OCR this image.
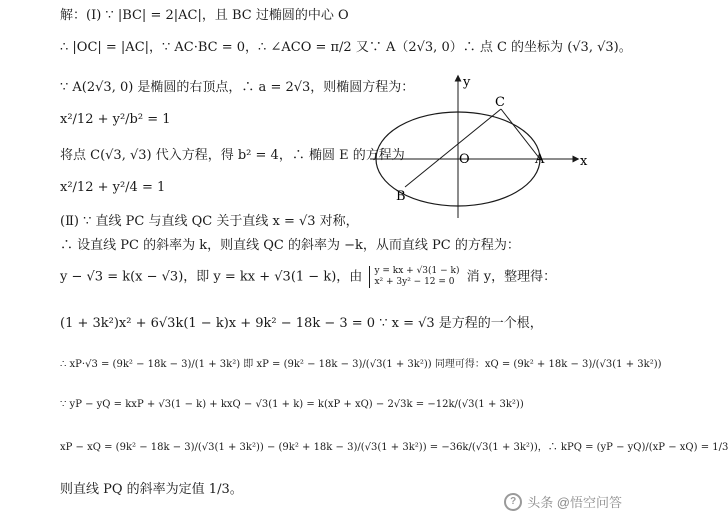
解：(Ⅰ) ∵ |BC| = 2|AC|，且 BC 过椭圆的中心 O
∴ |OC| = |AC|，∵ AC·BC = 0，∴ ∠ACO = π/2 又∵ A（2√3, 0）∴ 点 C 的坐标为 (√3, √3)。
∵ A(2√3, 0) 是椭圆的右顶点，∴ a = 2√3，则椭圆方程为：
x²/12 + y²/b² = 1
将点 C(√3, √3) 代入方程，得 b² = 4，∴ 椭圆 E 的方程为
x²/12 + y²/4 = 1
(Ⅱ) ∵ 直线 PC 与直线 QC 关于直线 x = √3 对称，
∴ 设直线 PC 的斜率为 k，则直线 QC 的斜率为 −k，从而直线 PC 的方程为：
y − √3 = k(x − √3)，即 y = kx + √3(1 − k)，由 y = kx + √3(1 − k)
x² + 3y² − 12 = 0 消 y，整理得：
(1 + 3k²)x² + 6√3k(1 − k)x + 9k² − 18k − 3 = 0 ∵ x = √3 是方程的一个根，
∴ xP·√3 = (9k² − 18k − 3)/(1 + 3k²) 即 xP = (9k² − 18k − 3)/(√3(1 + 3k²)) 同理可得：xQ = (9k² + 18k − 3)/(√3(1 + 3k²))
∵ yP − yQ = kxP + √3(1 − k) + kxQ − √3(1 + k) = k(xP + xQ) − 2√3k = −12k/(√3(1 + 3k²))
xP − xQ = (9k² − 18k − 3)/(√3(1 + 3k²)) − (9k² + 18k − 3)/(√3(1 + 3k²)) = −36k/(√3(1 + 3k²))，∴ kPQ = (yP − yQ)/(xP − xQ) = 1/3
则直线 PQ 的斜率为定值 1/3。
y
x
O	A
B
C
? 头条 @悟空问答
